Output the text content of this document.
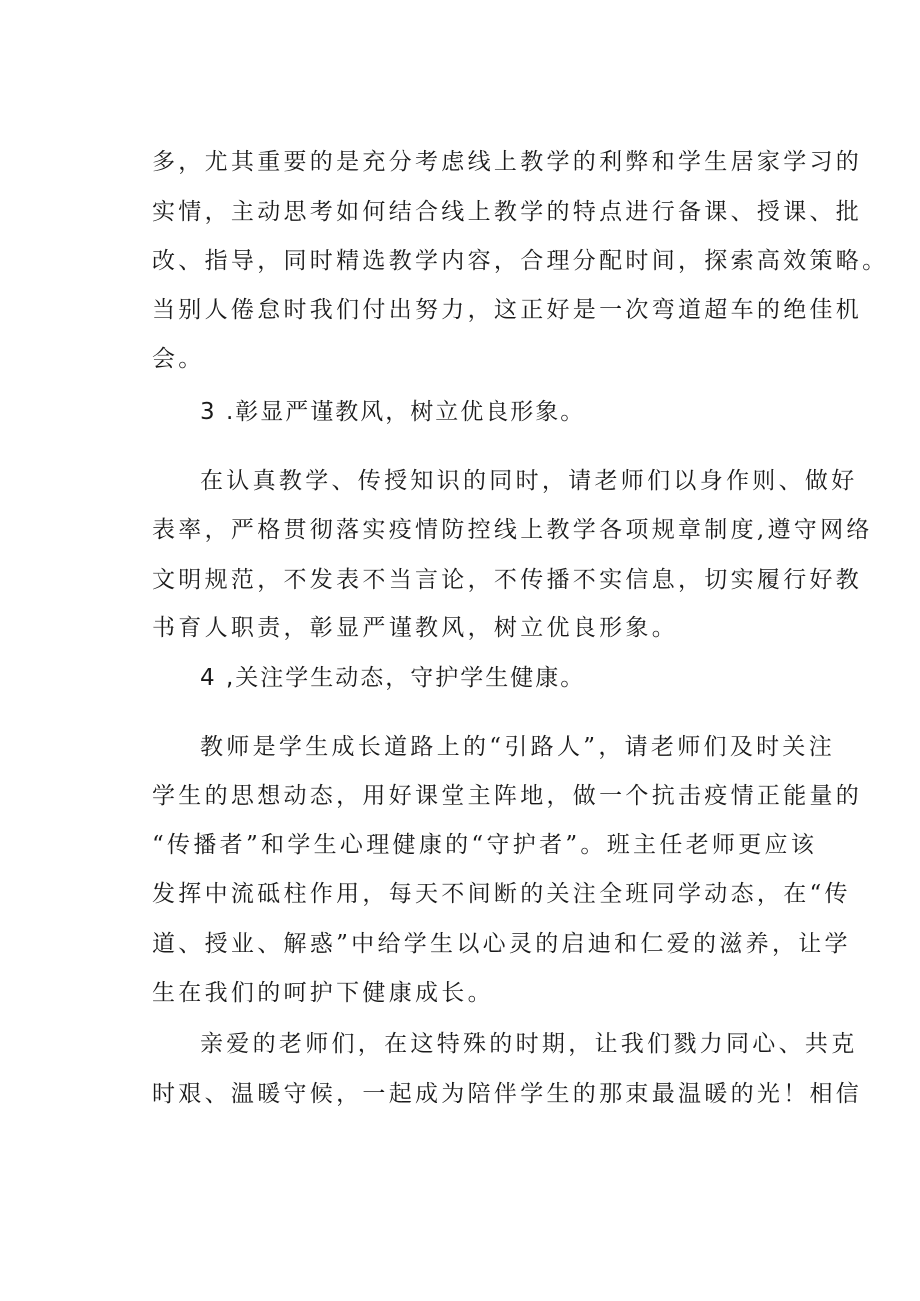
多，尤其重要的是充分考虑线上教学的利弊和学生居家学习的
实情，主动思考如何结合线上教学的特点进行备课、授课、批
改、指导，同时精选教学内容，合理分配时间，探索高效策略。
当别人倦怠时我们付出努力，这正好是一次弯道超车的绝佳机
会。
3 .彰显严谨教风，树立优良形象。
在认真教学、传授知识的同时，请老师们以身作则、做好
表率，严格贯彻落实疫情防控线上教学各项规章制度,遵守网络
文明规范，不发表不当言论，不传播不实信息，切实履行好教
书育人职责，彰显严谨教风，树立优良形象。
4 ,关注学生动态，守护学生健康。
教师是学生成长道路上的“引路人”，请老师们及时关注
学生的思想动态，用好课堂主阵地，做一个抗击疫情正能量的
“传播者”和学生心理健康的“守护者”。班主任老师更应该
发挥中流砥柱作用，每天不间断的关注全班同学动态，在“传
道、授业、解惑”中给学生以心灵的启迪和仁爱的滋养，让学
生在我们的呵护下健康成长。
亲爱的老师们，在这特殊的时期，让我们戮力同心、共克
时艰、温暖守候，一起成为陪伴学生的那束最温暖的光！相信
